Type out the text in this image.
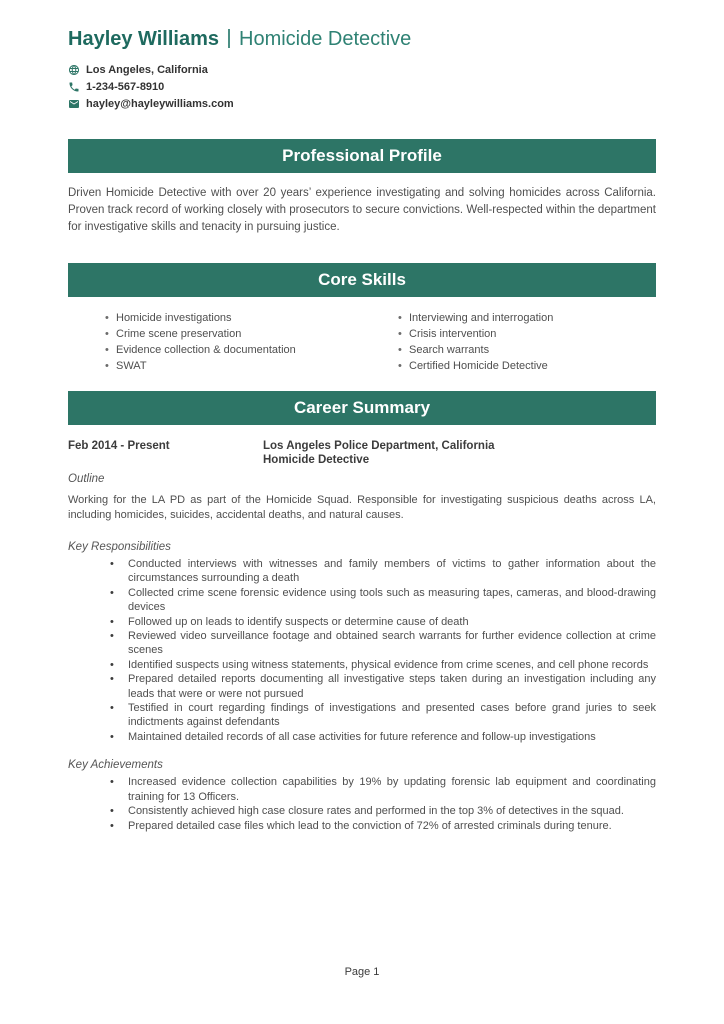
Hayley Williams Homicide Detective
Los Angeles, California
1-234-567-8910
hayley@hayleywilliams.com
Professional Profile

Driven Homicide Detective with over 20 years’ experience investigating and solving homicides across California. Proven track record of working closely with prosecutors to secure convictions. Well-respected within the department for investigative skills and tenacity in pursuing justice.

Core Skills
• Homicide investigations
• Crime scene preservation
• Evidence collection & documentation
• SWAT
• Interviewing and interrogation
• Crisis intervention
• Search warrants
• Certified Homicide Detective
Career Summary
Feb 2014 - Present	Los Angeles Police Department, California
Homicide Detective
Outline

Working for the LA PD as part of the Homicide Squad. Responsible for investigating suspicious deaths across LA, including homicides, suicides, accidental deaths, and natural causes.

Key Responsibilities
• Conducted interviews with witnesses and family members of victims to gather information about the circumstances surrounding a death
• Collected crime scene forensic evidence using tools such as measuring tapes, cameras, and blood-drawing devices
• Followed up on leads to identify suspects or determine cause of death
• Reviewed video surveillance footage and obtained search warrants for further evidence collection at crime scenes
• Identified suspects using witness statements, physical evidence from crime scenes, and cell phone records
• Prepared detailed reports documenting all investigative steps taken during an investigation including any leads that were or were not pursued
• Testified in court regarding findings of investigations and presented cases before grand juries to seek indictments against defendants
• Maintained detailed records of all case activities for future reference and follow-up investigations
Key Achievements
• Increased evidence collection capabilities by 19% by updating forensic lab equipment and coordinating training for 13 Officers.
• Consistently achieved high case closure rates and performed in the top 3% of detectives in the squad.
• Prepared detailed case files which lead to the conviction of 72% of arrested criminals during tenure.
Page 1
